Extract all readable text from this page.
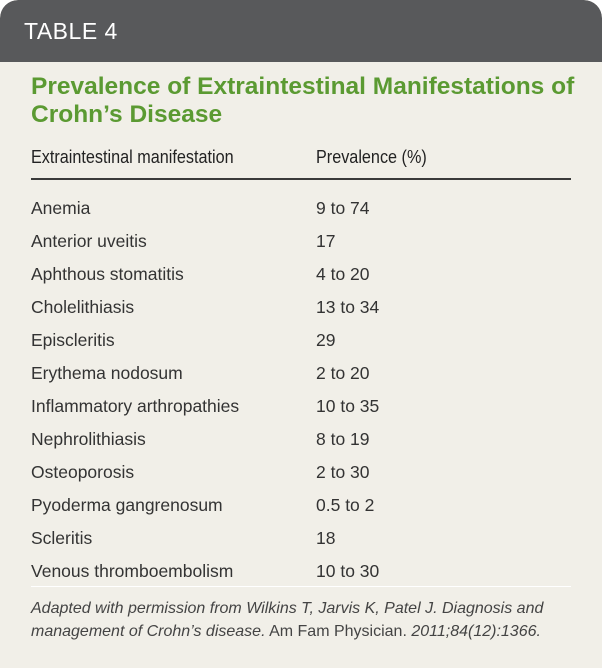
TABLE 4
Prevalence of Extraintestinal Manifestations of Crohn’s Disease
Extraintestinal manifestation	Prevalence (%)
Anemia	9 to 74
Anterior uveitis	17
Aphthous stomatitis	4 to 20
Cholelithiasis	13 to 34
Episcleritis	29
Erythema nodosum	2 to 20
Inflammatory arthropathies	10 to 35
Nephrolithiasis	8 to 19
Osteoporosis	2 to 30
Pyoderma gangrenosum	0.5 to 2
Scleritis	18
Venous thromboembolism	10 to 30
Adapted with permission from Wilkins T, Jarvis K, Patel J. Diagnosis and management of Crohn’s disease. Am Fam Physician. 2011;84(12):1366.
